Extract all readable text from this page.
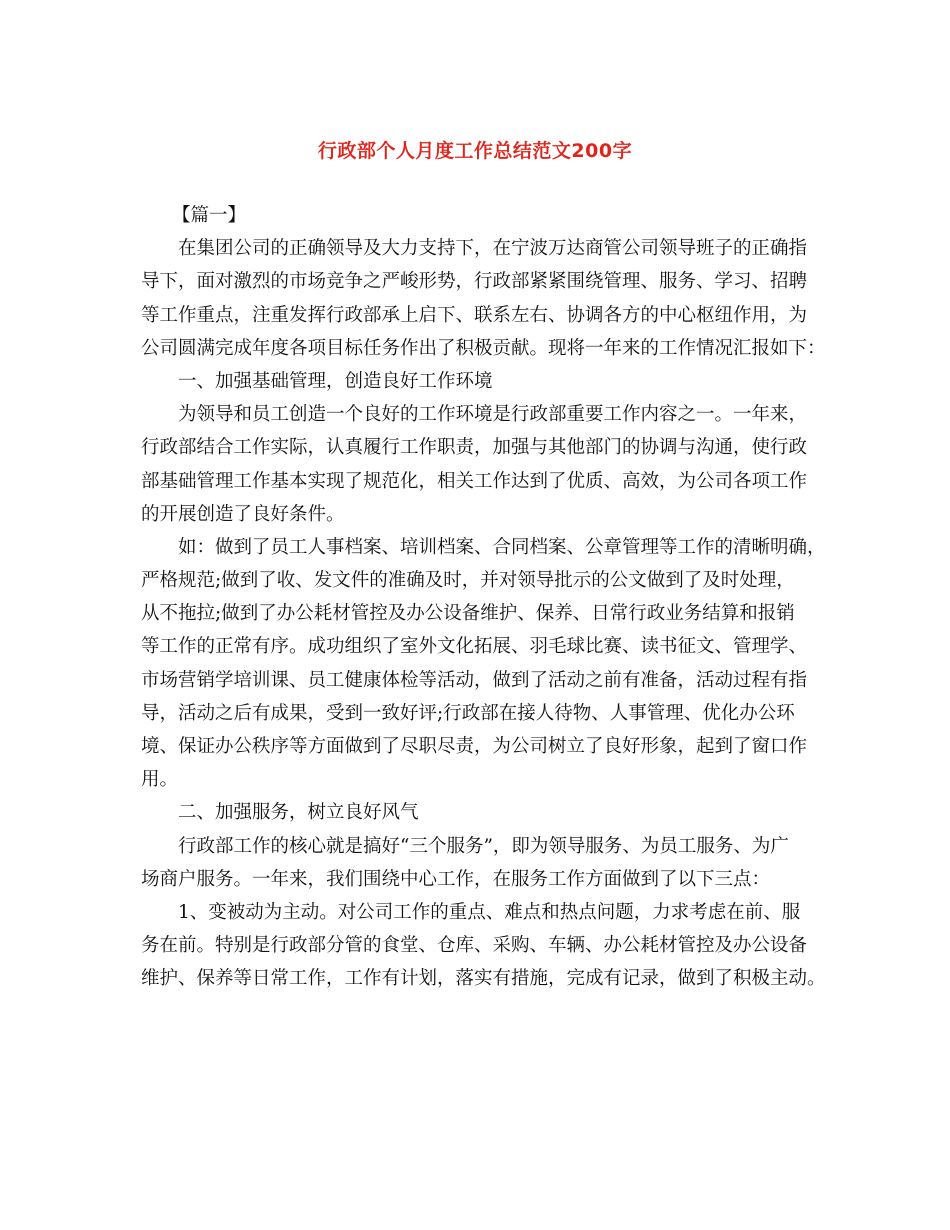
行政部个人月度工作总结范文200字
【篇一】
在集团公司的正确领导及大力支持下，在宁波万达商管公司领导班子的正确指
导下，面对激烈的市场竞争之严峻形势，行政部紧紧围绕管理、服务、学习、招聘
等工作重点，注重发挥行政部承上启下、联系左右、协调各方的中心枢纽作用，为
公司圆满完成年度各项目标任务作出了积极贡献。现将一年来的工作情况汇报如下：
一、加强基础管理，创造良好工作环境
为领导和员工创造一个良好的工作环境是行政部重要工作内容之一。一年来，
行政部结合工作实际，认真履行工作职责，加强与其他部门的协调与沟通，使行政
部基础管理工作基本实现了规范化，相关工作达到了优质、高效，为公司各项工作
的开展创造了良好条件。
如：做到了员工人事档案、培训档案、合同档案、公章管理等工作的清晰明确，
严格规范;做到了收、发文件的准确及时，并对领导批示的公文做到了及时处理，
从不拖拉;做到了办公耗材管控及办公设备维护、保养、日常行政业务结算和报销
等工作的正常有序。成功组织了室外文化拓展、羽毛球比赛、读书征文、管理学、
市场营销学培训课、员工健康体检等活动，做到了活动之前有准备，活动过程有指
导，活动之后有成果，受到一致好评;行政部在接人待物、人事管理、优化办公环
境、保证办公秩序等方面做到了尽职尽责，为公司树立了良好形象，起到了窗口作
用。
二、加强服务，树立良好风气
行政部工作的核心就是搞好“三个服务”，即为领导服务、为员工服务、为广
场商户服务。一年来，我们围绕中心工作，在服务工作方面做到了以下三点：
1、变被动为主动。对公司工作的重点、难点和热点问题，力求考虑在前、服
务在前。特别是行政部分管的食堂、仓库、采购、车辆、办公耗材管控及办公设备
维护、保养等日常工作，工作有计划，落实有措施，完成有记录，做到了积极主动。
